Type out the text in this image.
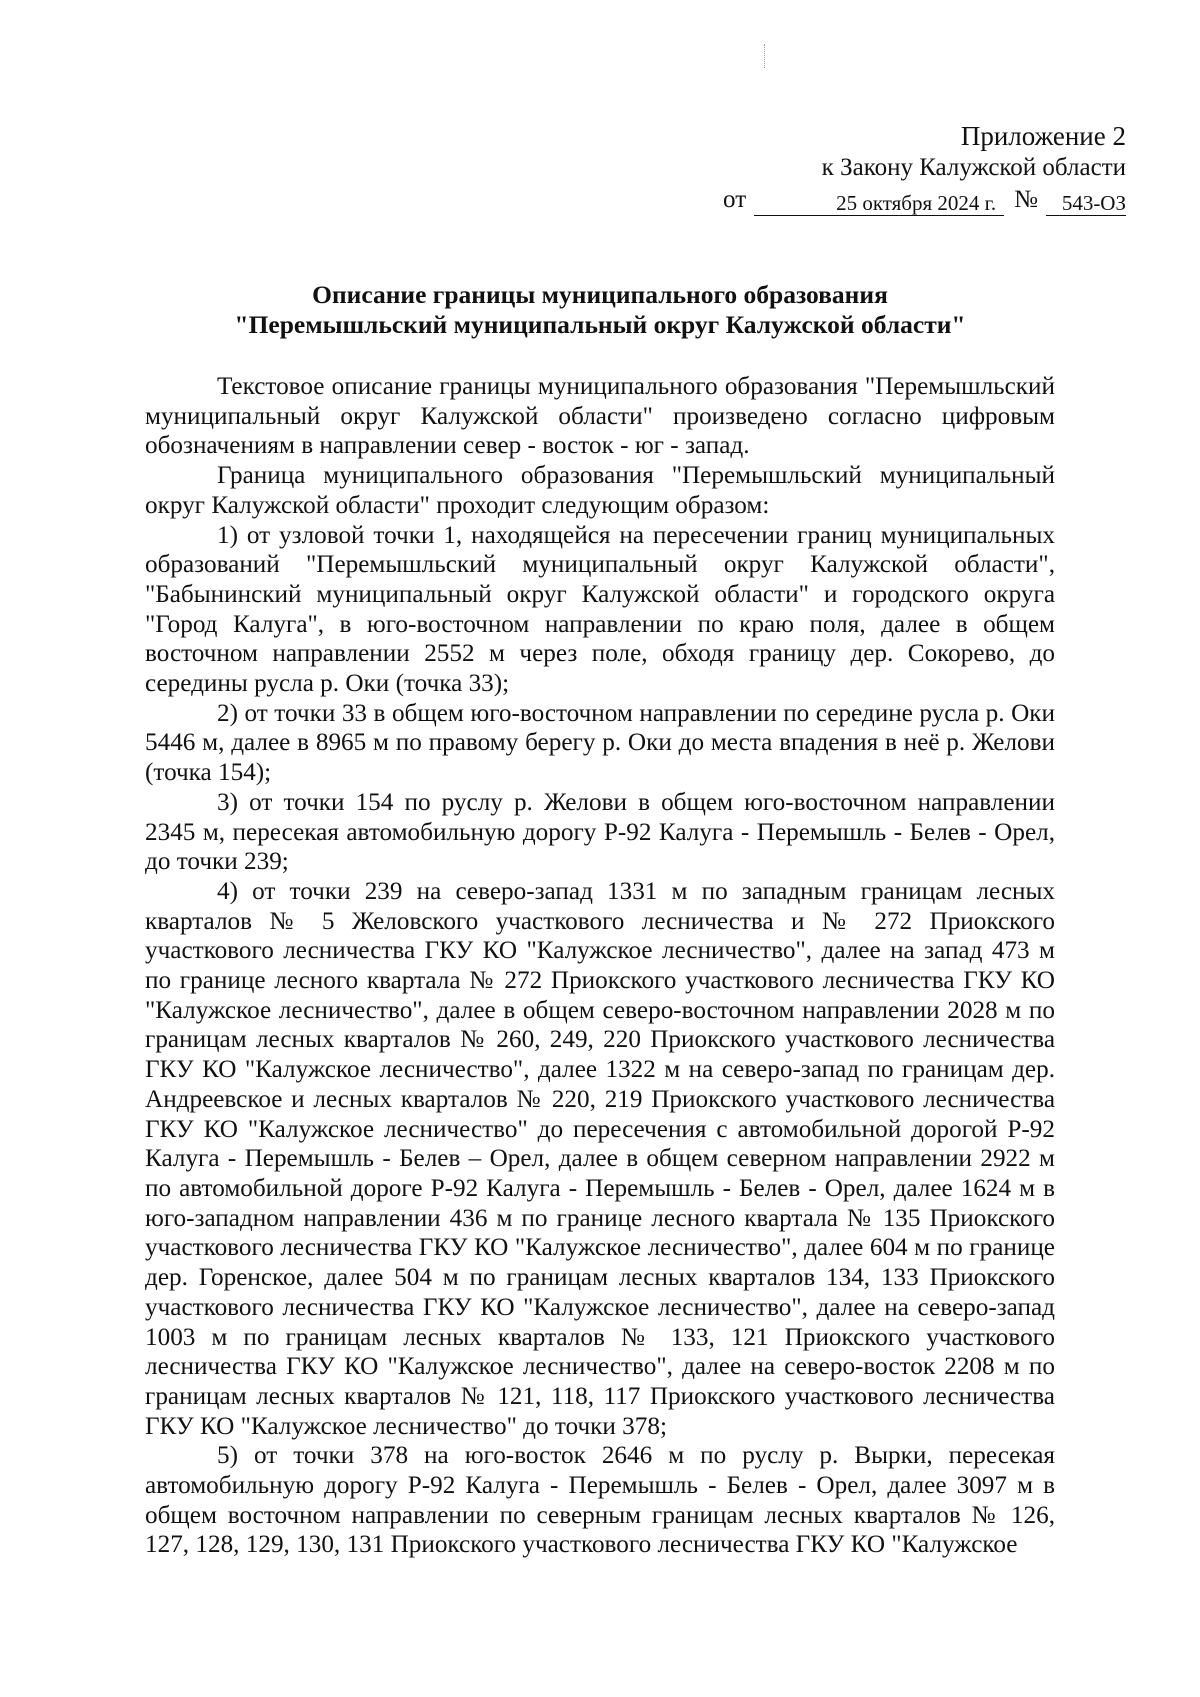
Приложение 2
к Закону Калужской области
от	25 октября 2024 г. №	543-ОЗ
Описание границы муниципального образования
"Перемышльский муниципальный округ Калужской области"

Текстовое описание границы муниципального образования "Перемышльский муниципальный округ Калужской области" произведено согласно цифровым обозначениям в направлении север - восток - юг - запад.

Граница муниципального образования "Перемышльский муниципальный округ Калужской области" проходит следующим образом:

1) от узловой точки 1, находящейся на пересечении границ муниципальных образований "Перемышльский муниципальный округ Калужской области", "Бабынинский муниципальный округ Калужской области" и городского округа "Город Калуга", в юго-восточном направлении по краю поля, далее в общем восточном направлении 2552 м через поле, обходя границу дер. Сокорево, до середины русла р. Оки (точка 33);

2) от точки 33 в общем юго-восточном направлении по середине русла р. Оки 5446 м, далее в 8965 м по правому берегу р. Оки до места впадения в неё р. Желови (точка 154);

3) от точки 154 по руслу р. Желови в общем юго-восточном направлении 2345 м, пересекая автомобильную дорогу Р-92 Калуга - Перемышль - Белев - Орел, до точки 239;

4) от точки 239 на северо-запад 1331 м по западным границам лесных кварталов № 5 Желовского участкового лесничества и № 272 Приокского участкового лесничества ГКУ КО "Калужское лесничество", далее на запад 473 м по границе лесного квартала № 272 Приокского участкового лесничества ГКУ КО "Калужское лесничество", далее в общем северо-восточном направлении 2028 м по границам лесных кварталов № 260, 249, 220 Приокского участкового лесничества ГКУ КО "Калужское лесничество", далее 1322 м на северо-запад по границам дер. Андреевское и лесных кварталов № 220, 219 Приокского участкового лесничества ГКУ КО "Калужское лесничество" до пересечения с автомобильной дорогой Р-92 Калуга - Перемышль - Белев – Орел, далее в общем северном направлении 2922 м по автомобильной дороге Р-92 Калуга - Перемышль - Белев - Орел, далее 1624 м в юго-западном направлении 436 м по границе лесного квартала № 135 Приокского участкового лесничества ГКУ КО "Калужское лесничество", далее 604 м по границе дер. Горенское, далее 504 м по границам лесных кварталов 134, 133 Приокского участкового лесничества ГКУ КО "Калужское лесничество", далее на северо-запад 1003 м по границам лесных кварталов № 133, 121 Приокского участкового лесничества ГКУ КО "Калужское лесничество", далее на северо-восток 2208 м по границам лесных кварталов № 121, 118, 117 Приокского участкового лесничества ГКУ КО "Калужское лесничество" до точки 378;

5) от точки 378 на юго-восток 2646 м по руслу р. Вырки, пересекая автомобильную дорогу Р-92 Калуга - Перемышль - Белев - Орел, далее 3097 м в общем восточном направлении по северным границам лесных кварталов № 126, 127, 128, 129, 130, 131 Приокского участкового лесничества ГКУ КО "Калужское
